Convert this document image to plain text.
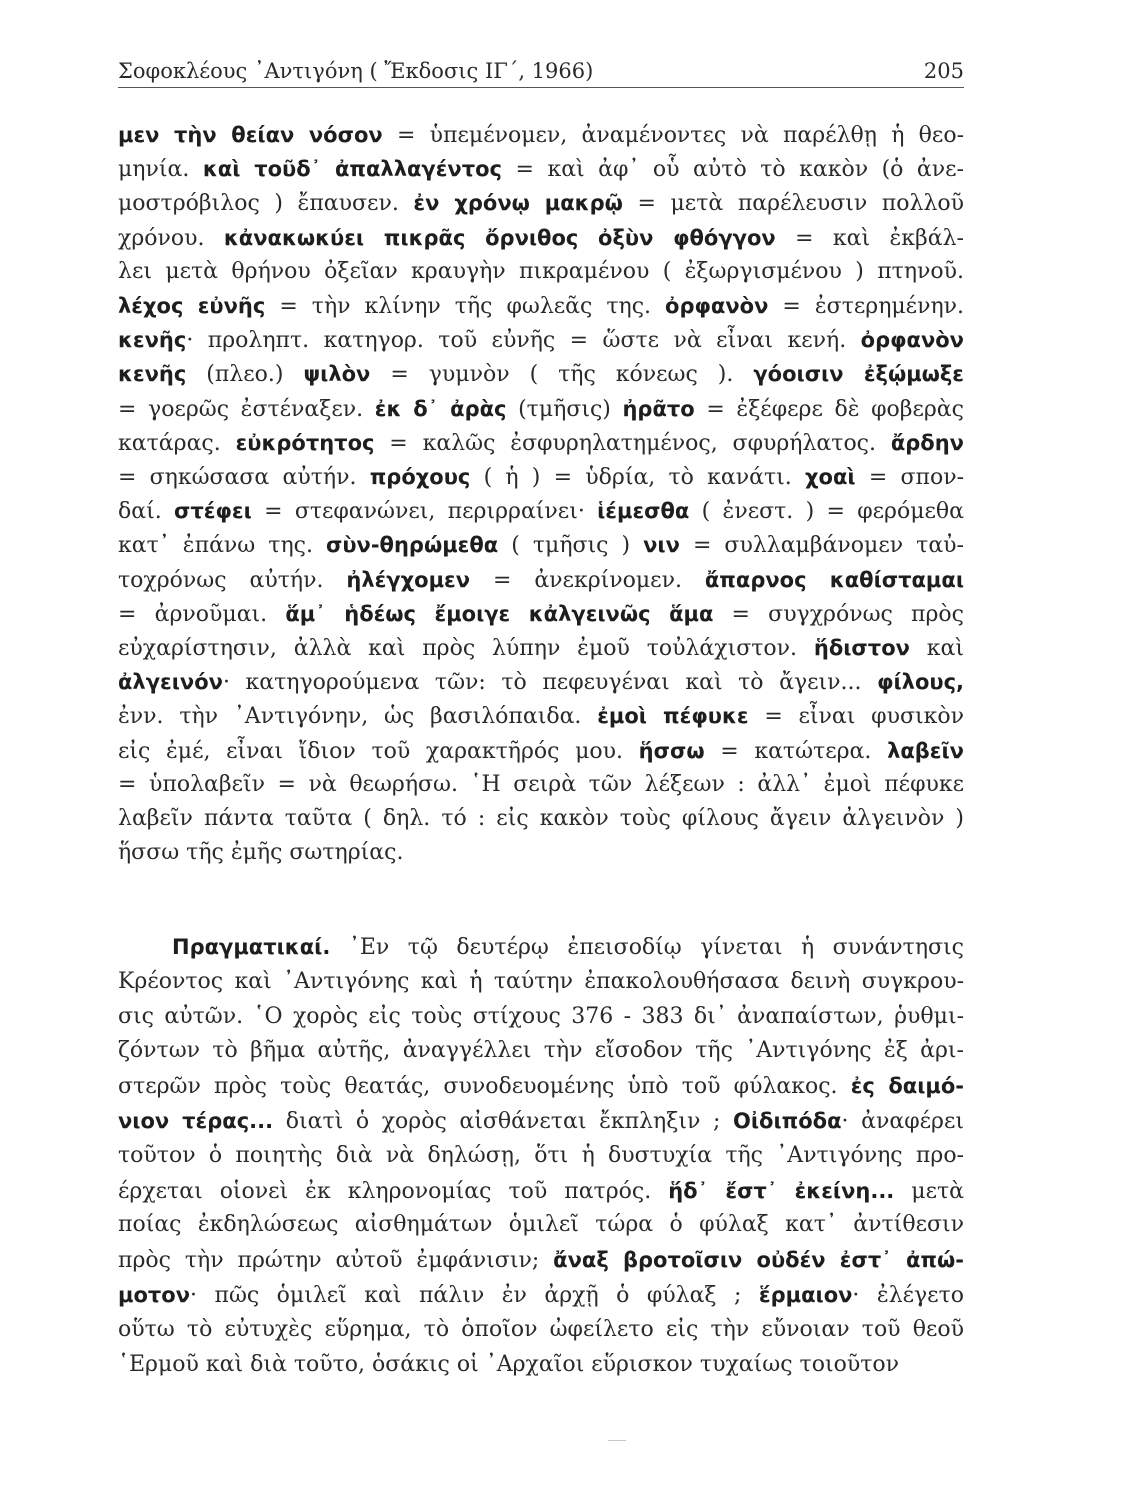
Σοφοκλέους ᾿Αντιγόνη ( Ἔκδοσις ΙΓ΄, 1966)	205
μεν τὴν θείαν νόσον = ὑπεμένομεν, ἀναμένοντες νὰ παρέλθῃ ἡ θεο-
μηνία. καὶ τοῦδ᾽ ἀπαλλαγέντος = καὶ ἀφ᾽ οὗ αὐτὸ τὸ κακὸν (ὁ ἀνε-
μοστρόβιλος ) ἔπαυσεν. ἐν χρόνῳ μακρῷ = μετὰ παρέλευσιν πολλοῦ
χρόνου. κἀνακωκύει πικρᾶς ὄρνιθος ὀξὺν φθόγγον = καὶ ἐκβάλ-
λει μετὰ θρήνου ὀξεῖαν κραυγὴν πικραμένου ( ἐξωργισμένου ) πτηνοῦ.
λέχος εὐνῆς = τὴν κλίνην τῆς φωλεᾶς της. ὀρφανὸν = ἐστερημένην.
κενῆς· προληπτ. κατηγορ. τοῦ εὐνῆς = ὥστε νὰ εἶναι κενή. ὀρφανὸν
κενῆς (πλεο.) ψιλὸν = γυμνὸν ( τῆς κόνεως ). γόοισιν ἐξῴμωξε
= γοερῶς ἐστέναξεν. ἐκ δ᾽ ἀρὰς (τμῆσις) ἠρᾶτο = ἐξέφερε δὲ φοβερὰς
κατάρας. εὐκρότητος = καλῶς ἐσφυρηλατημένος, σφυρήλατος. ἄρδην
= σηκώσασα αὐτήν. πρόχους ( ἡ ) = ὑδρία, τὸ κανάτι. χοαὶ = σπον-
δαί. στέφει = στεφανώνει, περιρραίνει· ἱέμεσθα ( ἐνεστ. ) = φερόμεθα
κατ᾽ ἐπάνω της. σὺν-θηρώμεθα ( τμῆσις ) νιν = συλλαμβάνομεν ταὐ-
τοχρόνως αὐτήν. ἠλέγχομεν = ἀνεκρίνομεν. ἄπαρνος καθίσταμαι
= ἀρνοῦμαι. ἅμ᾽ ἡδέως ἔμοιγε κἀλγεινῶς ἅμα = συγχρόνως πρὸς
εὐχαρίστησιν, ἀλλὰ καὶ πρὸς λύπην ἐμοῦ τοὐλάχιστον. ἥδιστον καὶ
ἀλγεινόν· κατηγορούμενα τῶν: τὸ πεφευγέναι καὶ τὸ ἄγειν... φίλους,
ἐνν. τὴν ᾿Αντιγόνην, ὡς βασιλόπαιδα. ἐμοὶ πέφυκε = εἶναι φυσικὸν
εἰς ἐμέ, εἶναι ἴδιον τοῦ χαρακτῆρός μου. ἥσσω = κατώτερα. λαβεῖν
= ὑπολαβεῖν = νὰ θεωρήσω. ῾Η σειρὰ τῶν λέξεων : ἀλλ᾽ ἐμοὶ πέφυκε
λαβεῖν πάντα ταῦτα ( δηλ. τό : εἰς κακὸν τοὺς φίλους ἄγειν ἀλγεινὸν )
ἥσσω τῆς ἐμῆς σωτηρίας.
Πραγματικαί. ᾿Εν τῷ δευτέρῳ ἐπεισοδίῳ γίνεται ἡ συνάντησις
Κρέοντος καὶ ᾿Αντιγόνης καὶ ἡ ταύτην ἐπακολουθήσασα δεινὴ συγκρου-
σις αὐτῶν. ῾Ο χορὸς εἰς τοὺς στίχους 376 - 383 δι᾽ ἀναπαίστων, ῥυθμι-
ζόντων τὸ βῆμα αὐτῆς, ἀναγγέλλει τὴν εἴσοδον τῆς ᾿Αντιγόνης ἐξ ἀρι-
στερῶν πρὸς τοὺς θεατάς, συνοδευομένης ὑπὸ τοῦ φύλακος. ἐς δαιμό-
νιον τέρας... διατὶ ὁ χορὸς αἰσθάνεται ἔκπληξιν ; Οἰδιπόδα· ἀναφέρει
τοῦτον ὁ ποιητὴς διὰ νὰ δηλώσῃ, ὅτι ἡ δυστυχία τῆς ᾿Αντιγόνης προ-
έρχεται οἱονεὶ ἐκ κληρονομίας τοῦ πατρός. ἥδ᾽ ἔστ᾽ ἐκείνη... μετὰ
ποίας ἐκδηλώσεως αἰσθημάτων ὁμιλεῖ τώρα ὁ φύλαξ κατ᾽ ἀντίθεσιν
πρὸς τὴν πρώτην αὐτοῦ ἐμφάνισιν; ἄναξ βροτοῖσιν οὐδέν ἐστ᾽ ἀπώ-
μοτον· πῶς ὁμιλεῖ καὶ πάλιν ἐν ἀρχῇ ὁ φύλαξ ; ἕρμαιον· ἐλέγετο
οὕτω τὸ εὐτυχὲς εὕρημα, τὸ ὁποῖον ὠφείλετο εἰς τὴν εὔνοιαν τοῦ θεοῦ
῾Ερμοῦ καὶ διὰ τοῦτο, ὁσάκις οἱ ᾿Αρχαῖοι εὕρισκον τυχαίως τοιοῦτον
